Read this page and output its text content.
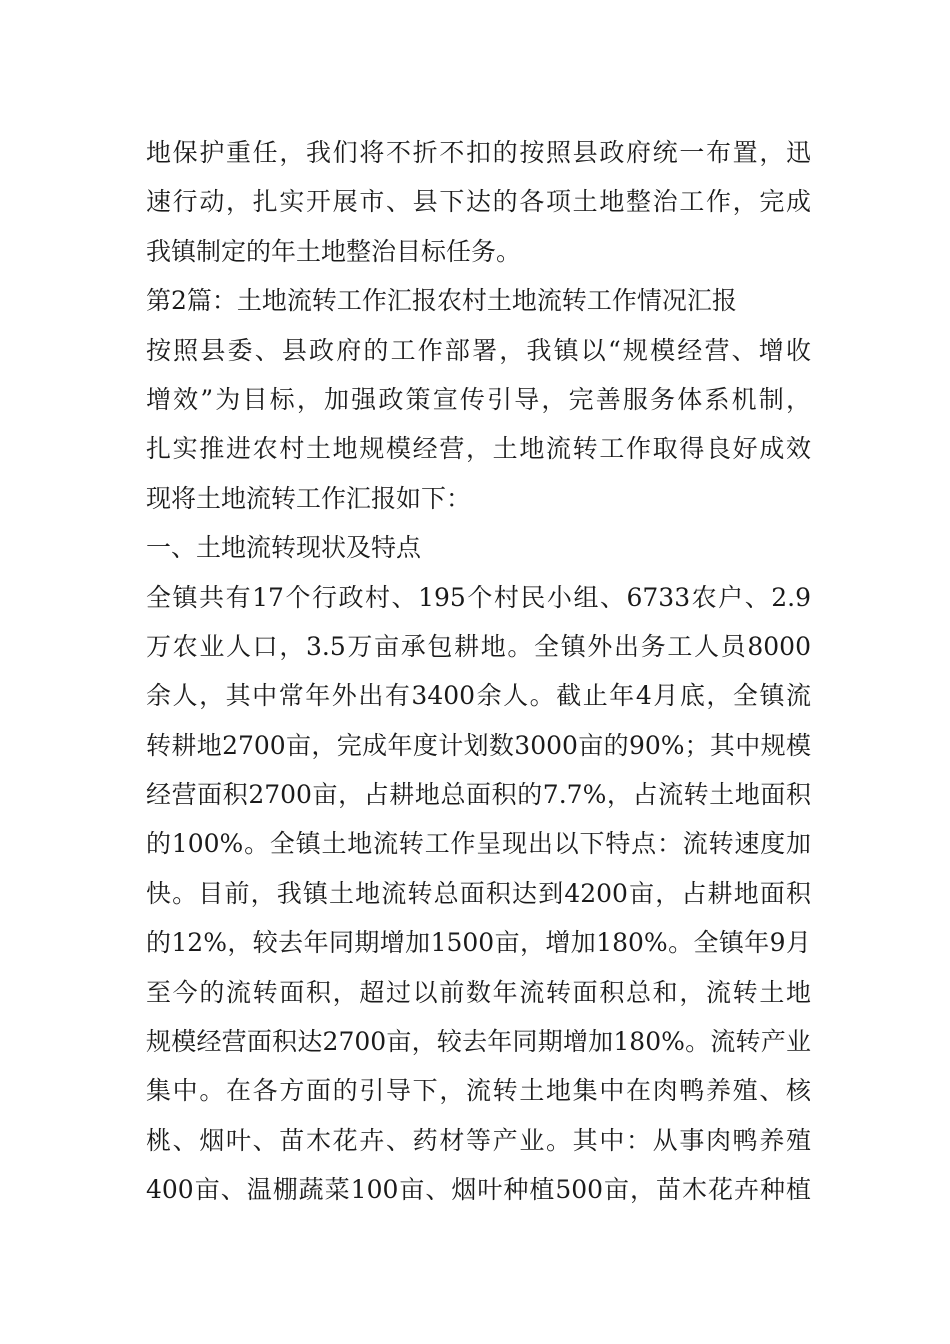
地保护重任，我们将不折不扣的按照县政府统一布置，迅
速行动，扎实开展市、县下达的各项土地整治工作，完成
我镇制定的年土地整治目标任务。
第2篇：土地流转工作汇报农村土地流转工作情况汇报
按照县委、县政府的工作部署，我镇以“规模经营、增收
增效”为目标，加强政策宣传引导，完善服务体系机制，
扎实推进农村土地规模经营，土地流转工作取得良好成效
现将土地流转工作汇报如下：
一、土地流转现状及特点
全镇共有17个行政村、195个村民小组、6733农户、2.9
万农业人口，3.5万亩承包耕地。全镇外出务工人员8000
余人，其中常年外出有3400余人。截止年4月底，全镇流
转耕地2700亩，完成年度计划数3000亩的90%；其中规模
经营面积2700亩，占耕地总面积的7.7%，占流转土地面积
的100%。全镇土地流转工作呈现出以下特点：流转速度加
快。目前，我镇土地流转总面积达到4200亩，占耕地面积
的12%，较去年同期增加1500亩，增加180%。全镇年9月
至今的流转面积，超过以前数年流转面积总和，流转土地
规模经营面积达2700亩，较去年同期增加180%。流转产业
集中。在各方面的引导下，流转土地集中在肉鸭养殖、核
桃、烟叶、苗木花卉、药材等产业。其中：从事肉鸭养殖
400亩、温棚蔬菜100亩、烟叶种植500亩，苗木花卉种植
